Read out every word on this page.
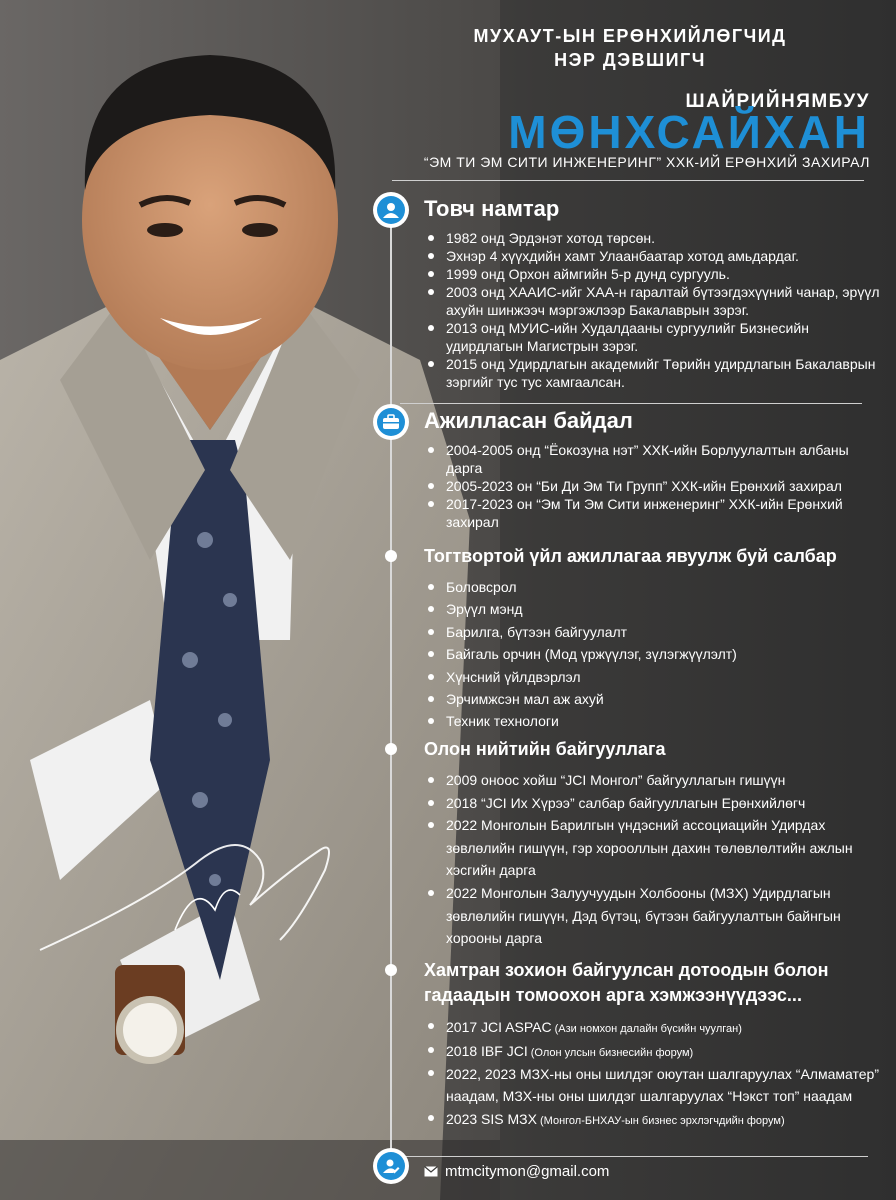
МУХАУТ-ЫН ЕРӨНХИЙЛӨГЧИД
НЭР ДЭВШИГЧ
ШАЙРИЙНЯМБУУ
МӨНХСАЙХАН
“ЭМ ТИ ЭМ СИТИ ИНЖЕНЕРИНГ” ХХК-ИЙ ЕРӨНХИЙ ЗАХИРАЛ
Товч намтар
1982 онд Эрдэнэт хотод төрсөн.
Эхнэр 4 хүүхдийн хамт Улаанбаатар хотод амьдардаг.
1999 онд Орхон аймгийн 5-р дунд сургууль.
2003 онд ХААИС-ийг ХАА-н гаралтай бүтээгдэхүүний чанар, эрүүл ахуйн шинжээч мэргэжлээр Бакалаврын зэрэг.
2013 онд МУИС-ийн Худалдааны сургуулийг Бизнесийн удирдлагын Магистрын зэрэг.
2015 онд Удирдлагын академийг Төрийн удирдлагын Бакалаврын зэргийг тус тус хамгаалсан.
Ажилласан байдал
2004-2005 онд “Ёокозуна нэт” ХХК-ийн Борлуулалтын албаны дарга
2005-2023 он “Би Ди Эм Ти Групп” ХХК-ийн Ерөнхий захирал
2017-2023 он “Эм Ти Эм Сити инженеринг” ХХК-ийн Ерөнхий захирал
Тогтвортой үйл ажиллагаа явуулж буй салбар
Боловсрол
Эрүүл мэнд
Барилга, бүтээн байгуулалт
Байгаль орчин (Мод үржүүлэг, зүлэгжүүлэлт)
Хүнсний үйлдвэрлэл
Эрчимжсэн мал аж ахуй
Техник технологи
Олон нийтийн байгууллага
2009 оноос хойш “JCI Монгол” байгууллагын гишүүн
2018 “JCI Их Хүрээ” салбар байгууллагын Ерөнхийлөгч
2022 Монголын Барилгын үндэсний ассоциацийн Удирдах зөвлөлийн гишүүн, гэр хорооллын дахин төлөвлөлтийн ажлын хэсгийн дарга
2022 Монголын Залуучуудын Холбооны (МЗХ) Удирдлагын зөвлөлийн гишүүн, Дэд бүтэц, бүтээн байгуулалтын байнгын хорооны дарга
Хамтран зохион байгуулсан дотоодын болон
гадаадын томоохон арга хэмжээнүүдээс...
2017 JCI ASPAC (Ази номхон далайн бүсийн чуулган)
2018 IBF JCI (Олон улсын бизнесийн форум)
2022, 2023 МЗХ-ны оны шилдэг оюутан шалгаруулах “Алмаматер” наадам, МЗХ-ны оны шилдэг шалгаруулах “Нэкст топ” наадам
2023 SIS МЗХ (Монгол-БНХАУ-ын бизнес эрхлэгчдийн форум)
mtmcitymon@gmail.com
